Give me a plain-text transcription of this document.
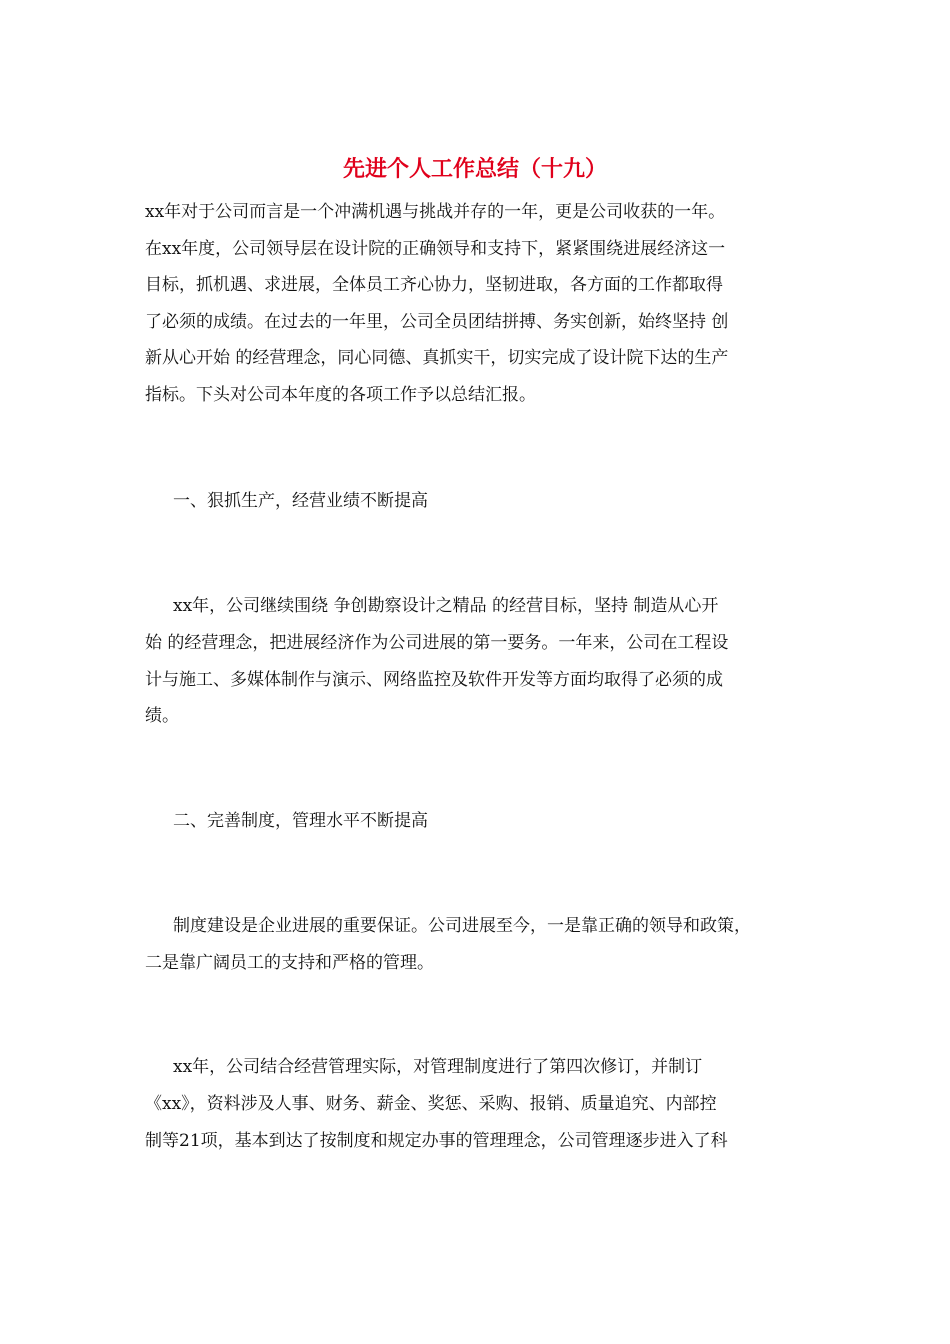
先进个人工作总结（十九）
xx年对于公司而言是一个冲满机遇与挑战并存的一年，更是公司收获的一年。
在xx年度，公司领导层在设计院的正确领导和支持下，紧紧围绕进展经济这一
目标，抓机遇、求进展，全体员工齐心协力，坚韧进取，各方面的工作都取得
了必须的成绩。在过去的一年里，公司全员团结拼搏、务实创新，始终坚持 创
新从心开始 的经营理念，同心同德、真抓实干，切实完成了设计院下达的生产
指标。下头对公司本年度的各项工作予以总结汇报。
一、狠抓生产，经营业绩不断提高
xx年，公司继续围绕 争创勘察设计之精品 的经营目标，坚持 制造从心开
始 的经营理念，把进展经济作为公司进展的第一要务。一年来，公司在工程设
计与施工、多媒体制作与演示、网络监控及软件开发等方面均取得了必须的成
绩。
二、完善制度，管理水平不断提高
制度建设是企业进展的重要保证。公司进展至今，一是靠正确的领导和政策，
二是靠广阔员工的支持和严格的管理。
xx年，公司结合经营管理实际，对管理制度进行了第四次修订，并制订
《xx》，资料涉及人事、财务、薪金、奖惩、采购、报销、质量追究、内部控
制等21项，基本到达了按制度和规定办事的管理理念，公司管理逐步进入了科
